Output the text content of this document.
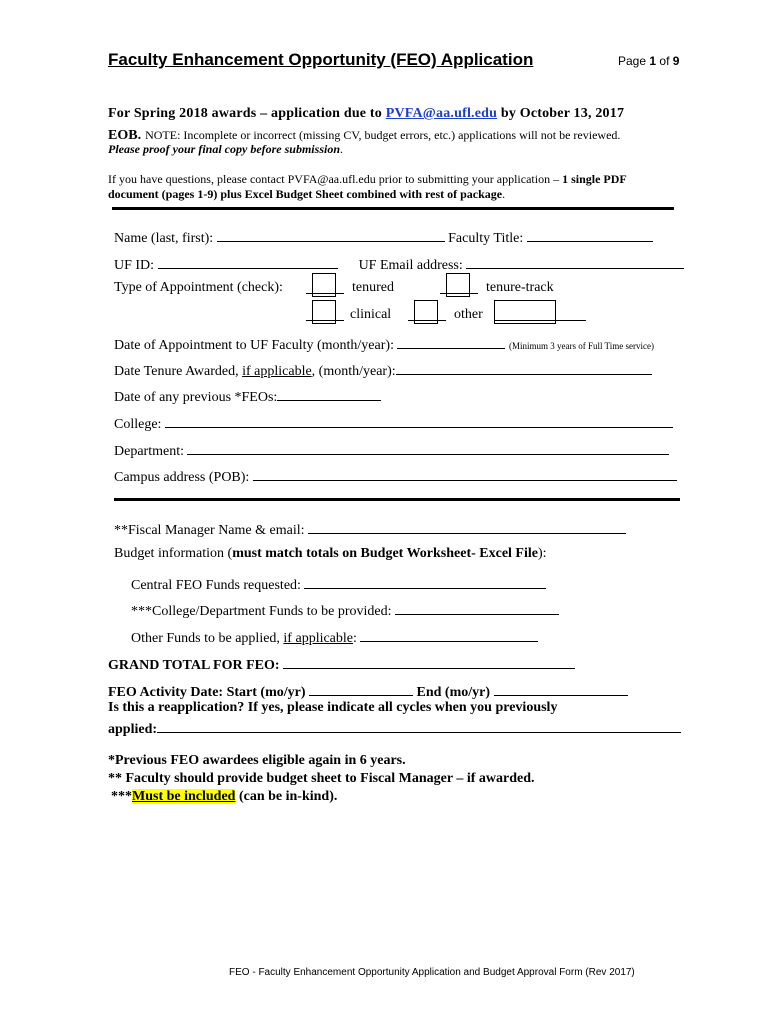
Faculty Enhancement Opportunity (FEO) Application	Page 1 of 9
For Spring 2018 awards – application due to PVFA@aa.ufl.edu by October 13, 2017
EOB. NOTE: Incomplete or incorrect (missing CV, budget errors, etc.) applications will not be reviewed.
Please proof your final copy before submission.
If you have questions, please contact PVFA@aa.ufl.edu prior to submitting your application – 1 single PDF
document (pages 1-9) plus Excel Budget Sheet combined with rest of package.
Name (last, first):	Faculty Title:
UF ID:	UF Email address:
Type of Appointment (check):	tenured	tenure-track
clinical	other
Date of Appointment to UF Faculty (month/year):	(Minimum 3 years of Full Time service)
Date Tenure Awarded, if applicable, (month/year):
Date of any previous *FEOs:
College:
Department:
Campus address (POB):
**Fiscal Manager Name & email:
Budget information (must match totals on Budget Worksheet- Excel File):
Central FEO Funds requested:
***College/Department Funds to be provided:
Other Funds to be applied, if applicable:
GRAND TOTAL FOR FEO:
FEO Activity Date: Start (mo/yr)	End (mo/yr)
Is this a reapplication? If yes, please indicate all cycles when you previously
applied:
*Previous FEO awardees eligible again in 6 years.
** Faculty should provide budget sheet to Fiscal Manager – if awarded.
***Must be included (can be in-kind).
FEO - Faculty Enhancement Opportunity Application and Budget Approval Form (Rev 2017)
